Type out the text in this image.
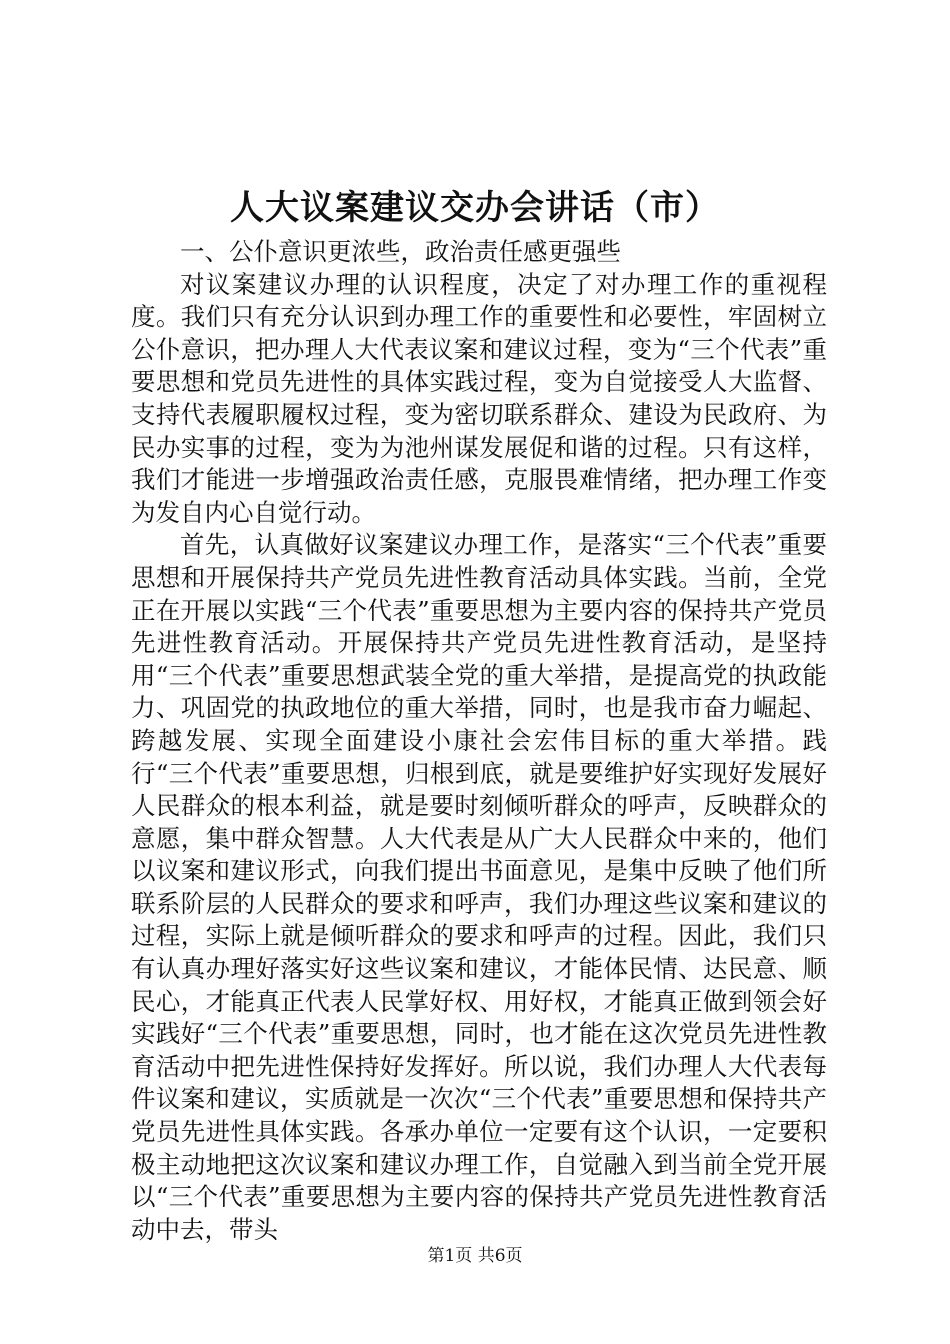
人大议案建议交办会讲话（市）

一、公仆意识更浓些，政治责任感更强些

对议案建议办理的认识程度，决定了对办理工作的重视程度。我们只有充分认识到办理工作的重要性和必要性，牢固树立公仆意识，把办理人大代表议案和建议过程，变为“三个代表”重要思想和党员先进性的具体实践过程，变为自觉接受人大监督、支持代表履职履权过程，变为密切联系群众、建设为民政府、为民办实事的过程，变为为池州谋发展促和谐的过程。只有这样，我们才能进一步增强政治责任感，克服畏难情绪，把办理工作变为发自内心自觉行动。

首先，认真做好议案建议办理工作，是落实“三个代表”重要思想和开展保持共产党员先进性教育活动具体实践。当前，全党正在开展以实践“三个代表”重要思想为主要内容的保持共产党员先进性教育活动。开展保持共产党员先进性教育活动，是坚持用“三个代表”重要思想武装全党的重大举措，是提高党的执政能力、巩固党的执政地位的重大举措，同时，也是我市奋力崛起、跨越发展、实现全面建设小康社会宏伟目标的重大举措。践行“三个代表”重要思想，归根到底，就是要维护好实现好发展好人民群众的根本利益，就是要时刻倾听群众的呼声，反映群众的意愿，集中群众智慧。人大代表是从广大人民群众中来的，他们以议案和建议形式，向我们提出书面意见，是集中反映了他们所联系阶层的人民群众的要求和呼声，我们办理这些议案和建议的过程，实际上就是倾听群众的要求和呼声的过程。因此，我们只有认真办理好落实好这些议案和建议，才能体民情、达民意、顺民心，才能真正代表人民掌好权、用好权，才能真正做到领会好实践好“三个代表”重要思想，同时，也才能在这次党员先进性教育活动中把先进性保持好发挥好。所以说，我们办理人大代表每件议案和建议，实质就是一次次“三个代表”重要思想和保持共产党员先进性具体实践。各承办单位一定要有这个认识，一定要积极主动地把这次议案和建议办理工作，自觉融入到当前全党开展以“三个代表”重要思想为主要内容的保持共产党员先进性教育活动中去，带头

第1页 共6页
